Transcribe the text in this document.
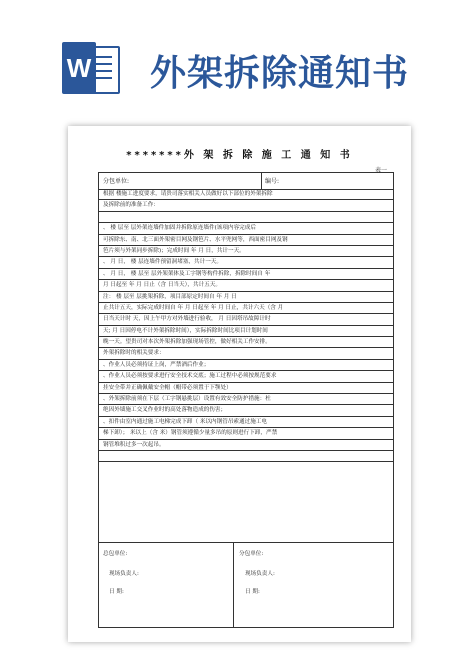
W 外架拆除通知书
*******外 架 拆 除 施 工 通 知 书
表一
分包单位:	编号:
根据 楼施工进度要求，请贵司落实相关人员做好以下部位的外架拆除
及拆除前的准备工作：
、 楼 层至 层外架连墙件加固并拆除原连墙件(该项内容完成后
可拆除东、南、北三面外架密目网及钢笆片、水平兜网等，西面密目网及钢
笆片须与外架同步拆除)；完成时间 年 月 日，共计一天。
、 月 日， 楼 层连墙件预留洞堵塞，共计一天。
、 月 日， 楼 层至 层外架架体及工字钢等构件拆除，拆除时间自 年
月 日起至 年 月 日止（含 日当天），共计五天。
注： 楼 层至 层挑架拆除，项目部原定时间自 年 月 日
止共计五天，实际完成时间自 年 月 日起至 年 月 日止，共计六天（含 月
日当天计时 天，因上午甲方对外墙进行验收， 月 日因塔吊故障计时
天; 月 日因停电不计外架拆除时间），实际拆除时间比项目计划时间
晚一天。望贵司对本次外架拆除加强现场管控，做好相关工作安排。
外架拆除时的相关要求：
、作业人员必须持证上岗，严禁酒后作业；
、作业人员必须按要求进行安全技术交底；施工过程中必须按规范要求
挂安全带并正确佩戴安全帽（帽带必须置于下颚处）
、外架拆除前须在下层（工字钢悬挑层）设置有效安全防护措施：杜
绝因外墙施工交叉作业时的高处落物造成的伤害；
、扣件由室内通过施工电梯完成下卸（ 米以内钢管吊索通过施工电
梯下卸）； 米以上（含 米）钢管须遵循少量多吊的原则进行下卸，严禁
钢管堆积过多一次起吊。
总包单位:
现场负责人:
日 期:
分包单位:
现场负责人:
日 期:
